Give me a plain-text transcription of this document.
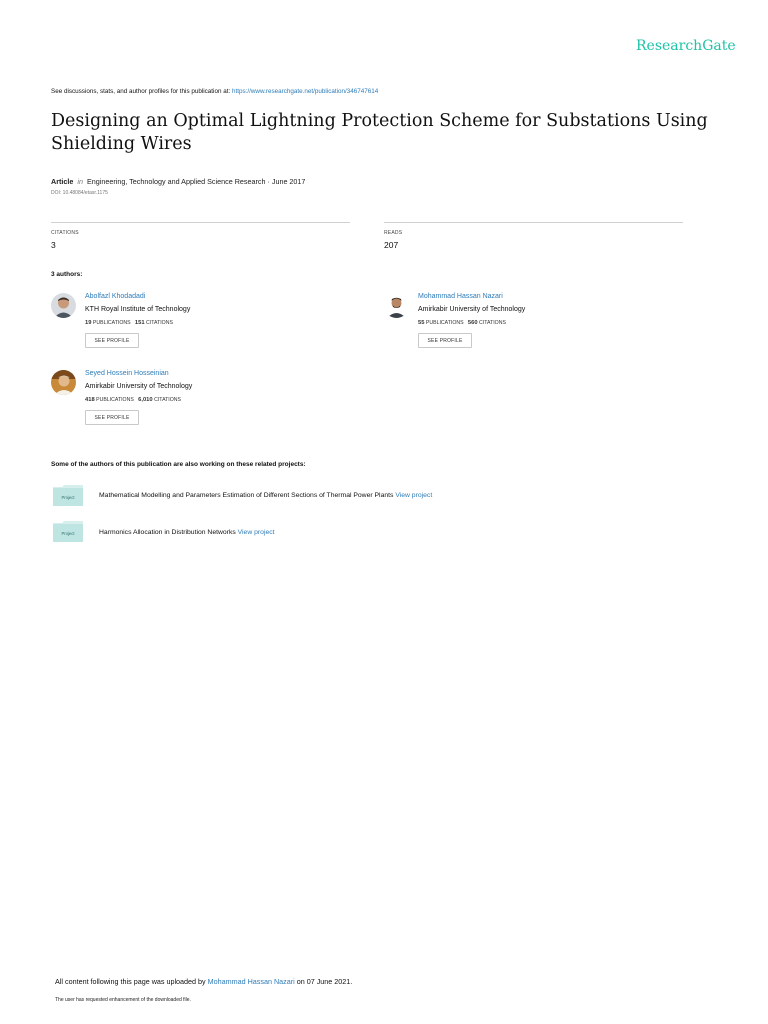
ResearchGate
See discussions, stats, and author profiles for this publication at: https://www.researchgate.net/publication/346747614
Designing an Optimal Lightning Protection Scheme for Substations Using Shielding Wires
Article in Engineering, Technology and Applied Science Research · June 2017
DOI: 10.48084/etasr.1175
CITATIONS
3
READS
207
3 authors:
Abolfazl Khodadadi
KTH Royal Institute of Technology
19 PUBLICATIONS 151 CITATIONS
SEE PROFILE
Mohammad Hassan Nazari
Amirkabir University of Technology
55 PUBLICATIONS 560 CITATIONS
SEE PROFILE
Seyed Hossein Hosseinian
Amirkabir University of Technology
418 PUBLICATIONS 6,010 CITATIONS
SEE PROFILE
Some of the authors of this publication are also working on these related projects:
Project	Mathematical Modelling and Parameters Estimation of Different Sections of Thermal Power Plants View project
Project	Harmonics Allocation in Distribution Networks View project
All content following this page was uploaded by Mohammad Hassan Nazari on 07 June 2021.
The user has requested enhancement of the downloaded file.
